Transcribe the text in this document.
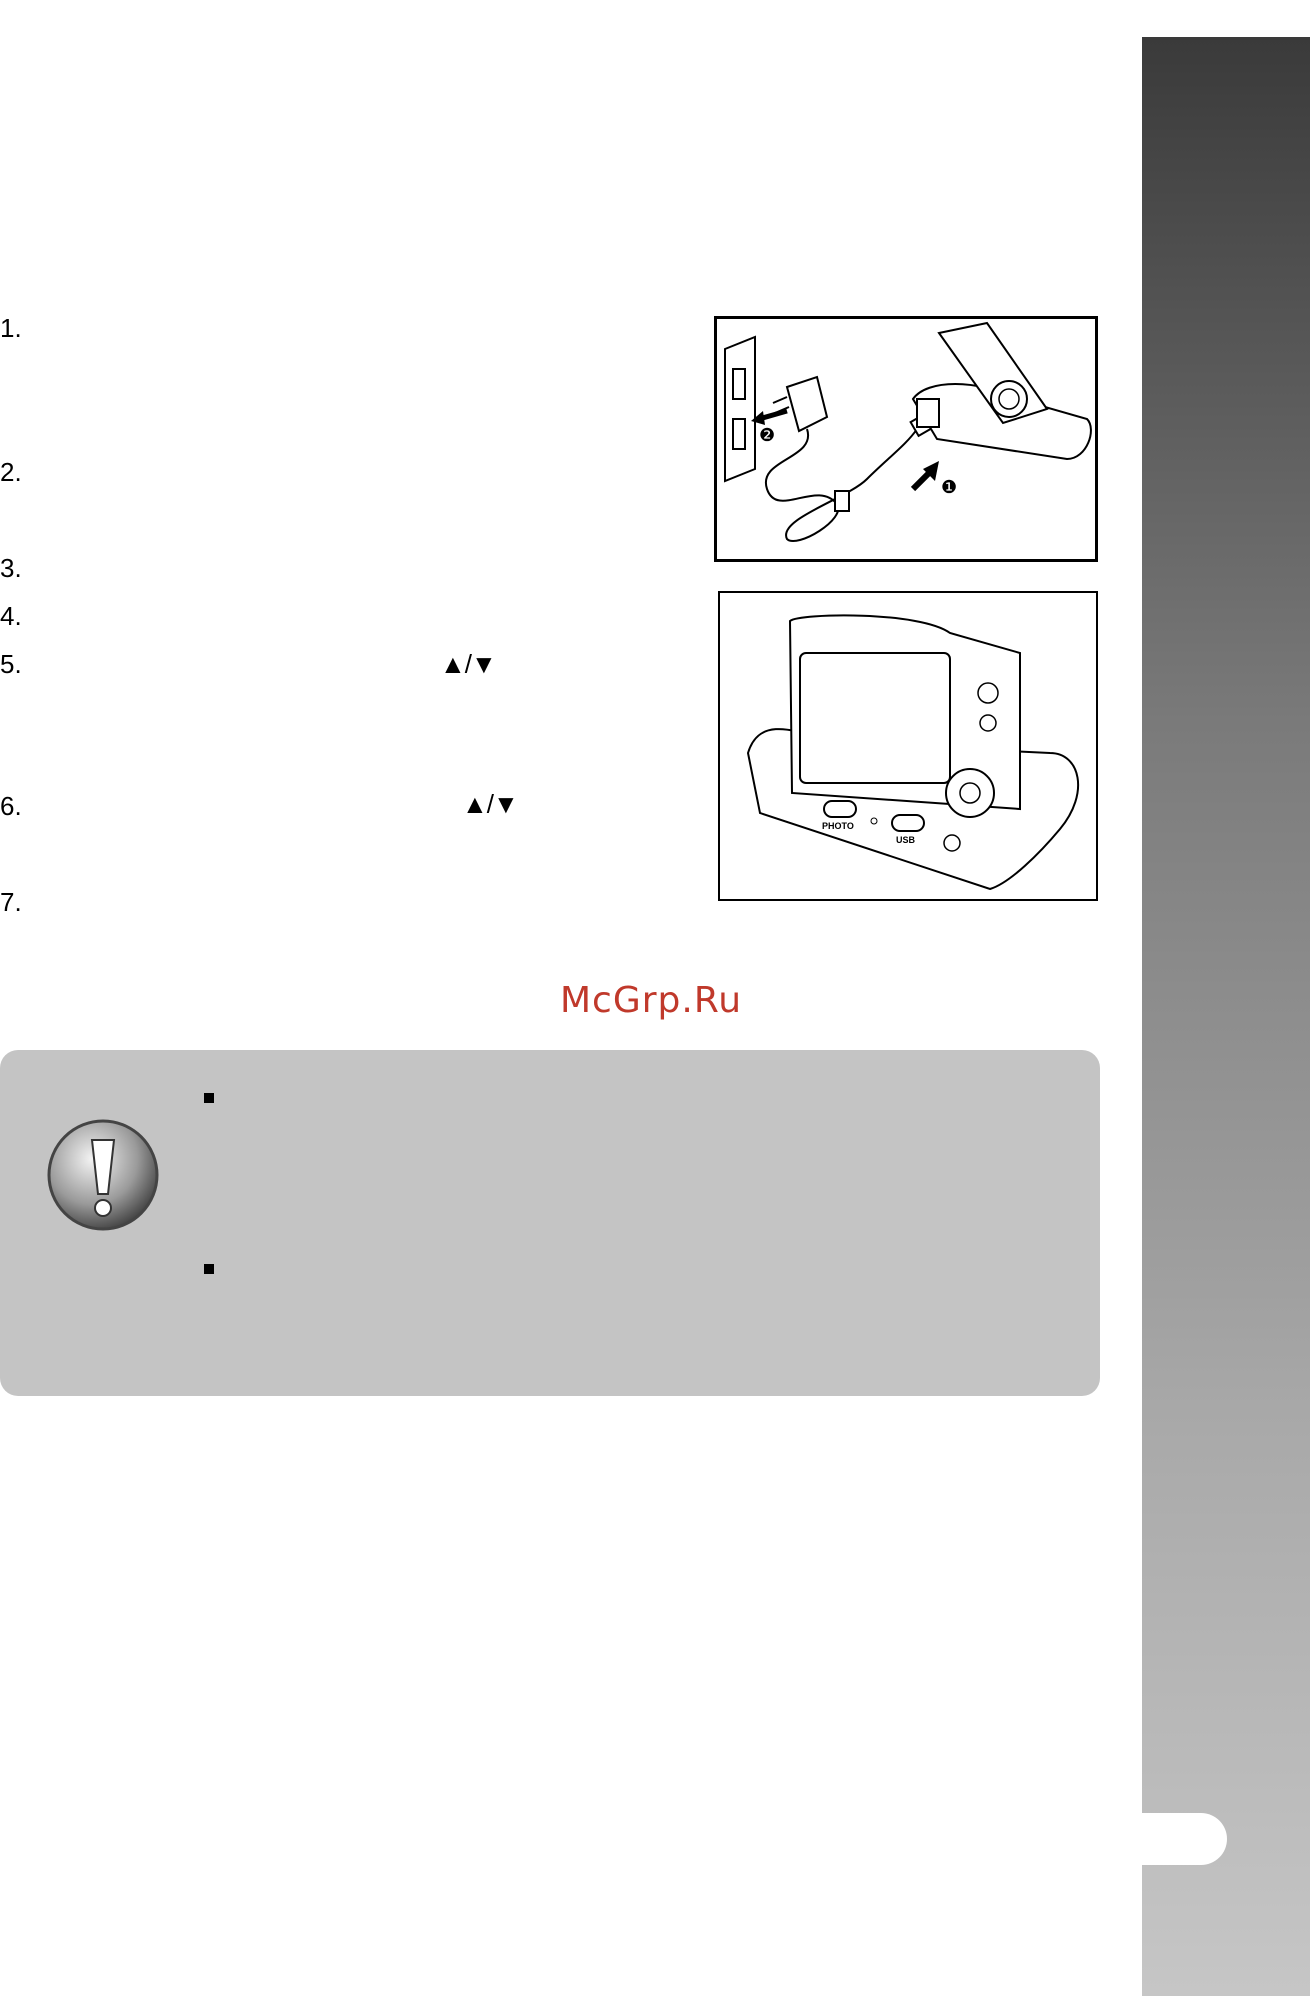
1.
2.
3.
4.
5.
6.
7.
▲/▼
▲/▼
❷
❶
PHOTO
USB
McGrp.Ru
